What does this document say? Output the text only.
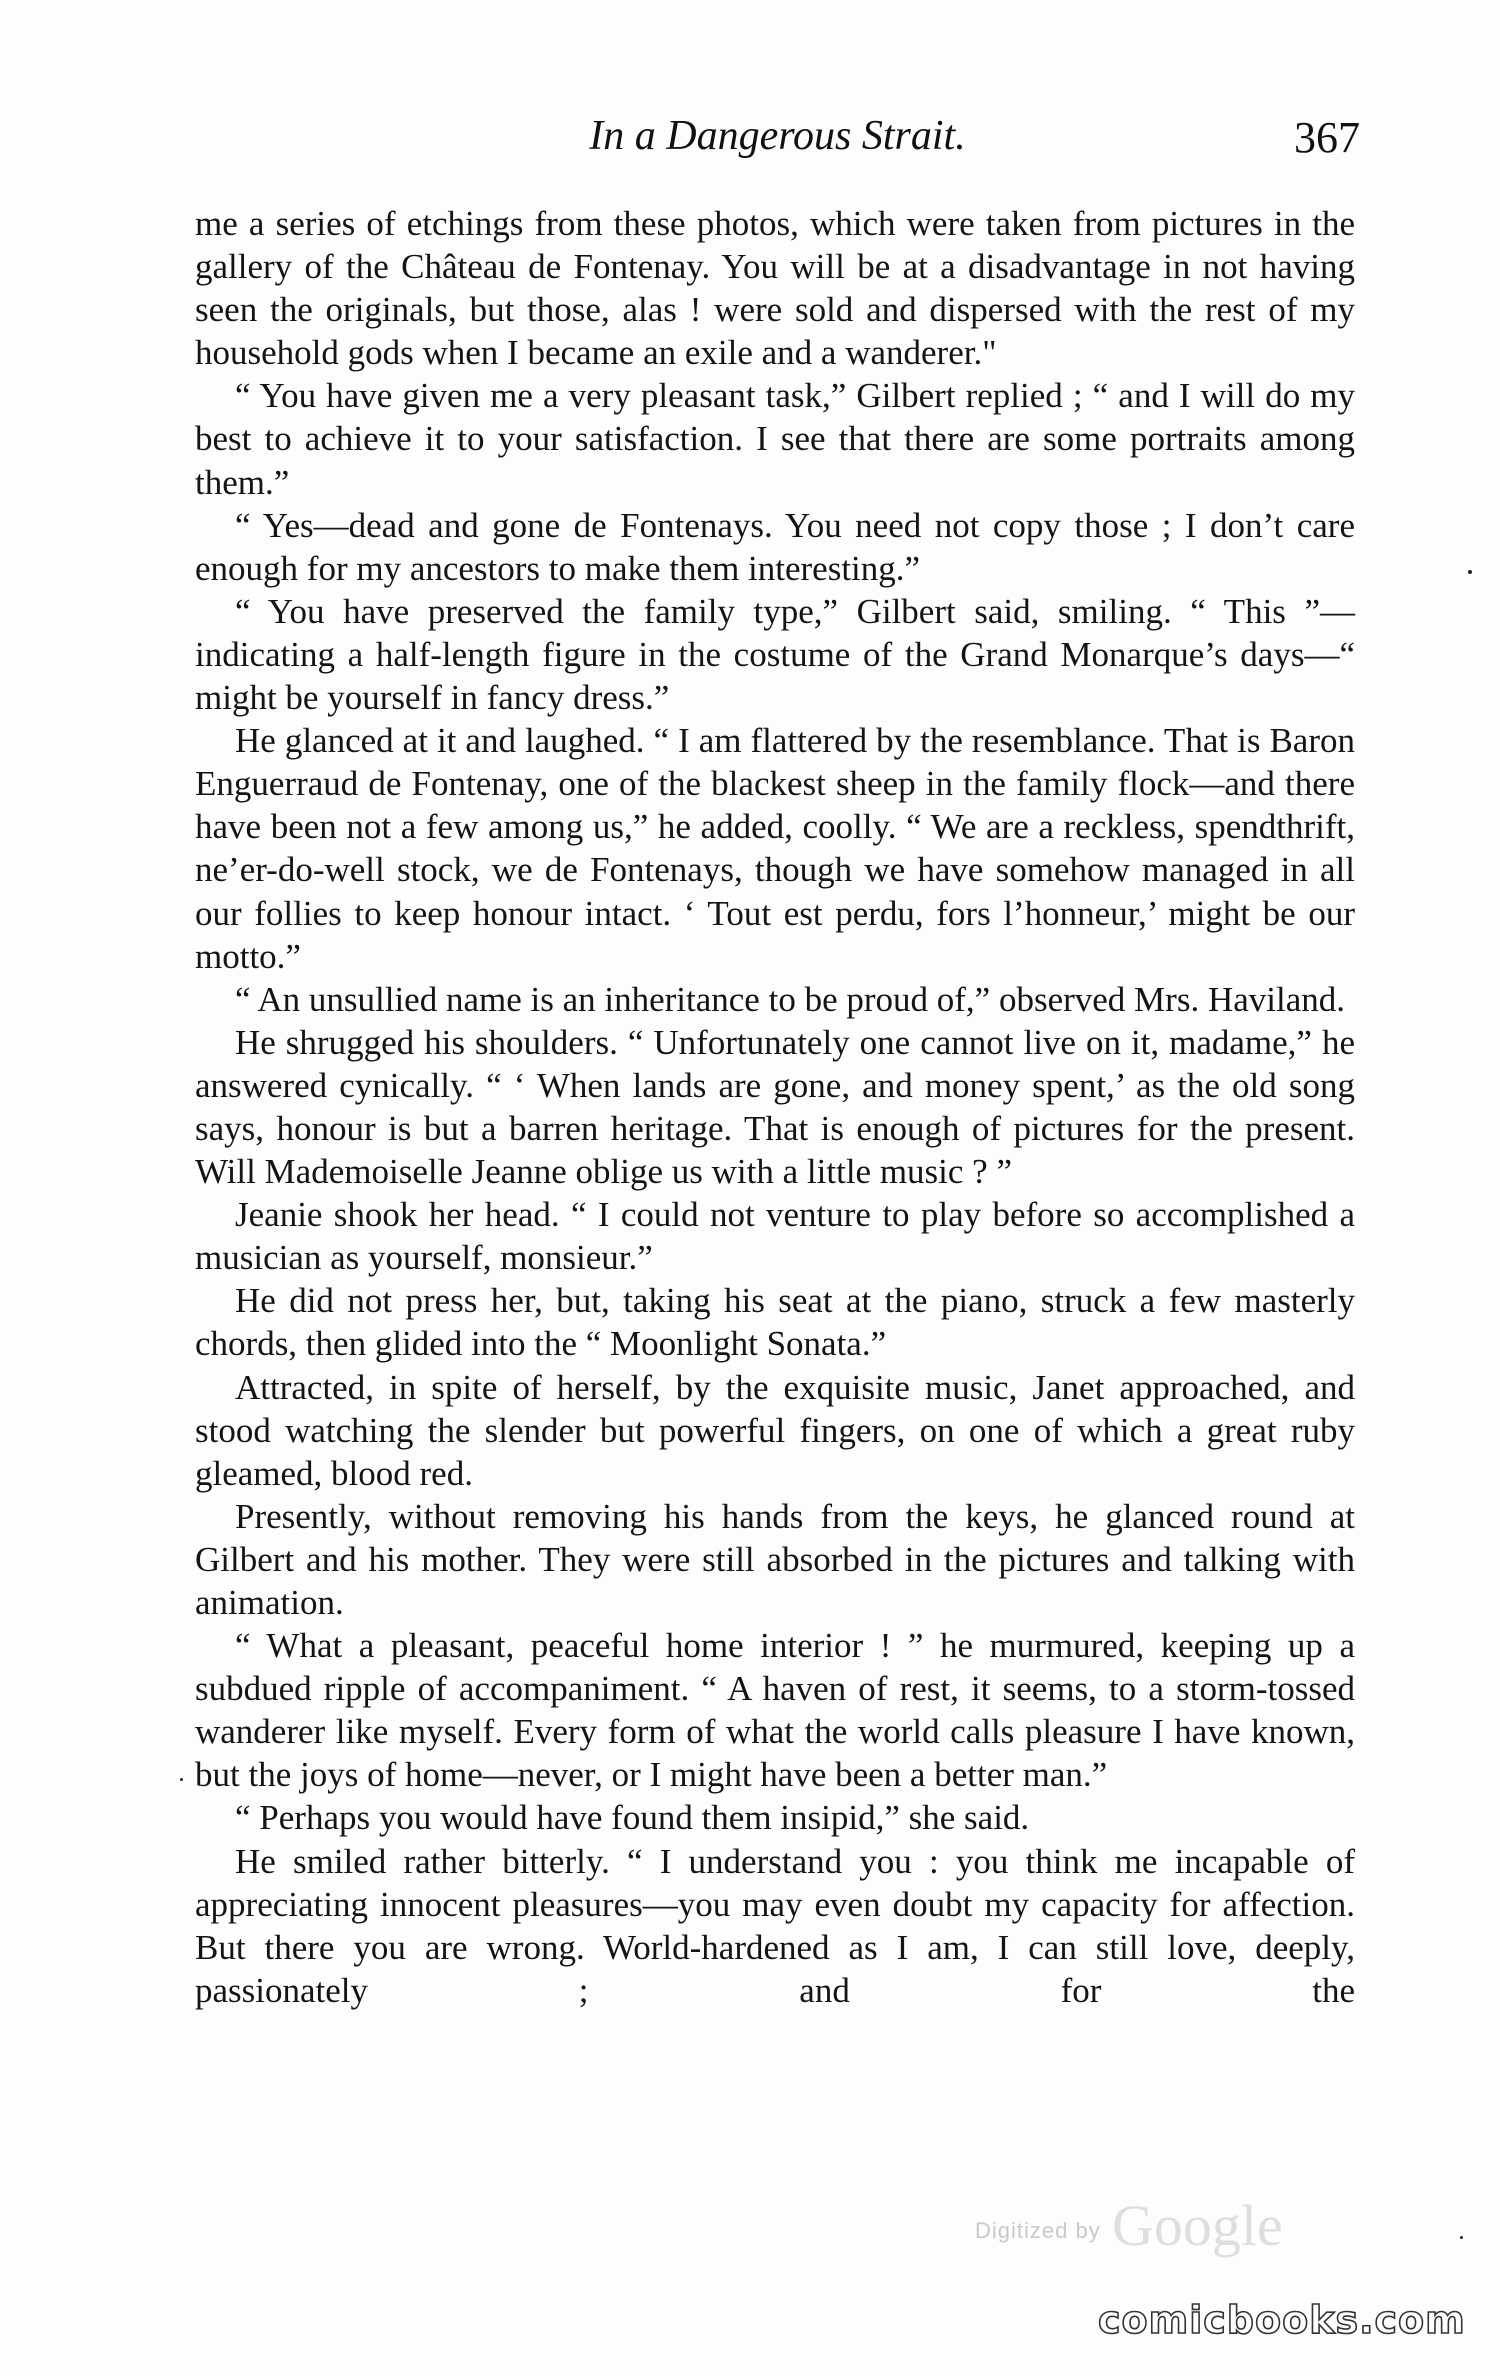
In a Dangerous Strait.	367

me a series of etchings from these photos, which were taken from pictures in the gallery of the Château de Fontenay. You will be at a disadvantage in not having seen the originals, but those, alas ! were sold and dispersed with the rest of my household gods when I became an exile and a wanderer."

“ You have given me a very pleasant task,” Gilbert replied ; “ and I will do my best to achieve it to your satisfaction. I see that there are some portraits among them.”

“ Yes—dead and gone de Fontenays. You need not copy those ; I don’t care enough for my ancestors to make them interesting.”

“ You have preserved the family type,” Gilbert said, smiling. “ This ”—indicating a half-length figure in the costume of the Grand Monarque’s days—“ might be yourself in fancy dress.”

He glanced at it and laughed. “ I am flattered by the resemblance. That is Baron Enguerraud de Fontenay, one of the blackest sheep in the family flock—and there have been not a few among us,” he added, coolly. “ We are a reckless, spendthrift, ne’er-do-well stock, we de Fontenays, though we have somehow managed in all our follies to keep honour intact. ‘ Tout est perdu, fors l’honneur,’ might be our motto.”

“ An unsullied name is an inheritance to be proud of,” observed Mrs. Haviland.

He shrugged his shoulders. “ Unfortunately one cannot live on it, madame,” he answered cynically. “ ‘ When lands are gone, and money spent,’ as the old song says, honour is but a barren heritage. That is enough of pictures for the present. Will Mademoiselle Jeanne oblige us with a little music ? ”

Jeanie shook her head. “ I could not venture to play before so accomplished a musician as yourself, monsieur.”

He did not press her, but, taking his seat at the piano, struck a few masterly chords, then glided into the “ Moonlight Sonata.”

Attracted, in spite of herself, by the exquisite music, Janet approached, and stood watching the slender but powerful fingers, on one of which a great ruby gleamed, blood red.

Presently, without removing his hands from the keys, he glanced round at Gilbert and his mother. They were still absorbed in the pictures and talking with animation.

“ What a pleasant, peaceful home interior ! ” he murmured, keeping up a subdued ripple of accompaniment. “ A haven of rest, it seems, to a storm-tossed wanderer like myself. Every form of what the world calls pleasure I have known, but the joys of home—never, or I might have been a better man.”

“ Perhaps you would have found them insipid,” she said.

He smiled rather bitterly. “ I understand you : you think me incapable of appreciating innocent pleasures—you may even doubt my capacity for affection. But there you are wrong. World-hardened as I am, I can still love, deeply, passionately ; and for the

Digitized by Google
comicbooks.com
